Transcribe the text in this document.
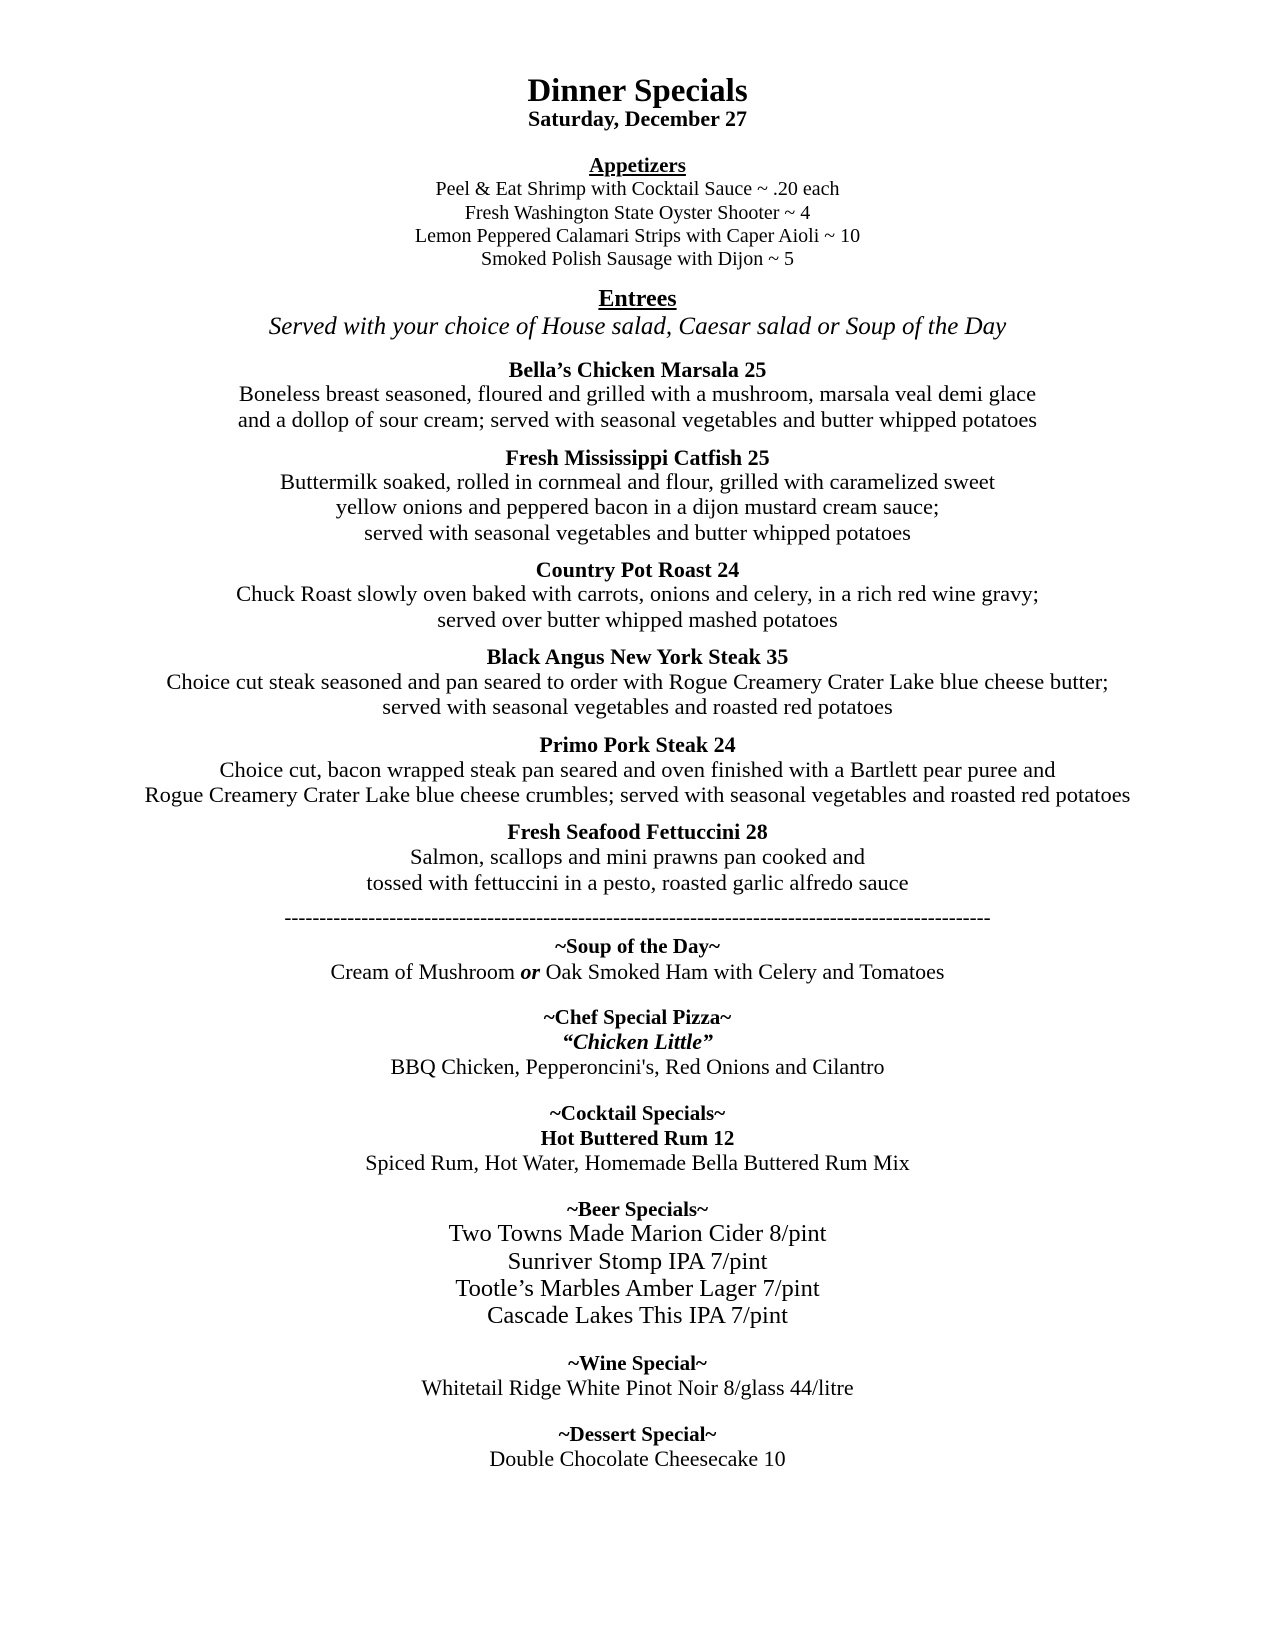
Dinner Specials
Saturday, December 27
Appetizers
Peel & Eat Shrimp with Cocktail Sauce ~ .20 each
Fresh Washington State Oyster Shooter ~ 4
Lemon Peppered Calamari Strips with Caper Aioli ~ 10
Smoked Polish Sausage with Dijon ~ 5
Entrees
Served with your choice of House salad, Caesar salad or Soup of the Day
Bella’s Chicken Marsala 25
Boneless breast seasoned, floured and grilled with a mushroom, marsala veal demi glace
and a dollop of sour cream; served with seasonal vegetables and butter whipped potatoes
Fresh Mississippi Catfish 25
Buttermilk soaked, rolled in cornmeal and flour, grilled with caramelized sweet
yellow onions and peppered bacon in a dijon mustard cream sauce;
served with seasonal vegetables and butter whipped potatoes
Country Pot Roast 24
Chuck Roast slowly oven baked with carrots, onions and celery, in a rich red wine gravy;
served over butter whipped mashed potatoes
Black Angus New York Steak 35
Choice cut steak seasoned and pan seared to order with Rogue Creamery Crater Lake blue cheese butter;
served with seasonal vegetables and roasted red potatoes
Primo Pork Steak 24
Choice cut, bacon wrapped steak pan seared and oven finished with a Bartlett pear puree and
Rogue Creamery Crater Lake blue cheese crumbles; served with seasonal vegetables and roasted red potatoes
Fresh Seafood Fettuccini 28
Salmon, scallops and mini prawns pan cooked and
tossed with fettuccini in a pesto, roasted garlic alfredo sauce
-----------------------------------------------------------------------------------------------------
~Soup of the Day~
Cream of Mushroom or Oak Smoked Ham with Celery and Tomatoes
~Chef Special Pizza~
“Chicken Little”
BBQ Chicken, Pepperoncini's, Red Onions and Cilantro
~Cocktail Specials~
Hot Buttered Rum 12
Spiced Rum, Hot Water, Homemade Bella Buttered Rum Mix
~Beer Specials~
Two Towns Made Marion Cider 8/pint
Sunriver Stomp IPA 7/pint
Tootle’s Marbles Amber Lager 7/pint
Cascade Lakes This IPA 7/pint
~Wine Special~
Whitetail Ridge White Pinot Noir 8/glass 44/litre
~Dessert Special~
Double Chocolate Cheesecake 10
